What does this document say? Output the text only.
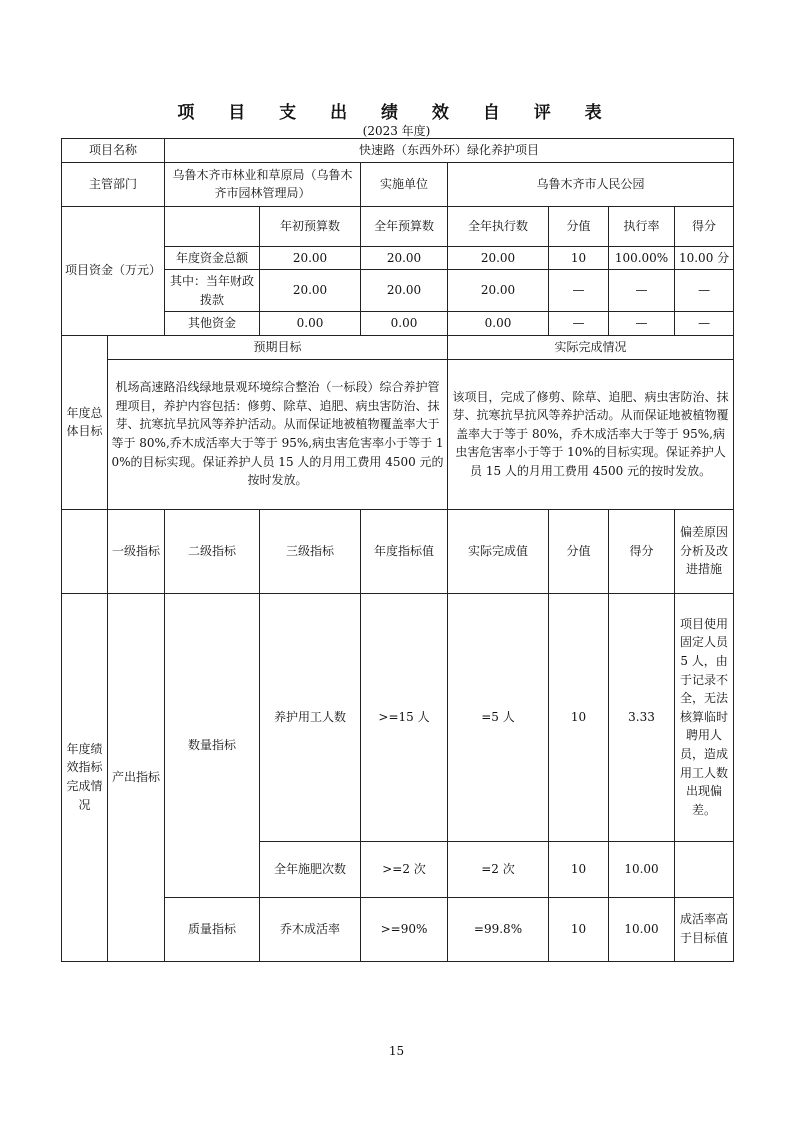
项 目 支 出 绩 效 自 评 表
(2023 年度)
项目名称		快速路（东西外环）绿化养护项目						
主管部门		乌鲁木齐市林业和草原局（乌鲁木齐市园林管理局）		实施单位	乌鲁木齐市人民公园			
项目资金（万元）			年初预算数	全年预算数	全年执行数	分值	执行率	得分
		年度资金总额	20.00	20.00	20.00	10	100.00%	10.00 分
		其中：当年财政拨款	20.00	20.00	20.00	—	—	—
		其他资金	0.00	0.00	0.00	—	—	—
年度总体目标	预期目标				实际完成情况			
	机场高速路沿线绿地景观环境综合整治（一标段）综合养护管理项目，养护内容包括：修剪、除草、追肥、病虫害防治、抹芽、抗寒抗旱抗风等养护活动。从而保证地被植物覆盖率大于等于 80%,乔木成活率大于等于 95%,病虫害危害率小于等于 10%的目标实现。保证养护人员 15 人的月用工费用 4500 元的按时发放。				该项目，完成了修剪、除草、追肥、病虫害防治、抹芽、抗寒抗旱抗风等养护活动。从而保证地被植物覆盖率大于等于 80%，乔木成活率大于等于 95%,病虫害危害率小于等于 10%的目标实现。保证养护人员 15 人的月用工费用 4500 元的按时发放。			
	一级指标	二级指标	三级指标	年度指标值	实际完成值	分值	得分	偏差原因分析及改进措施
年度绩效指标完成情况	产出指标	数量指标	养护用工人数	>=15 人	=5 人	10	3.33	项目使用固定人员 5 人，由于记录不全，无法核算临时聘用人员，造成用工人数出现偏差。
			全年施肥次数	>=2 次	=2 次	10	10.00	
		质量指标	乔木成活率	>=90%	=99.8%	10	10.00	成活率高于目标值
15
